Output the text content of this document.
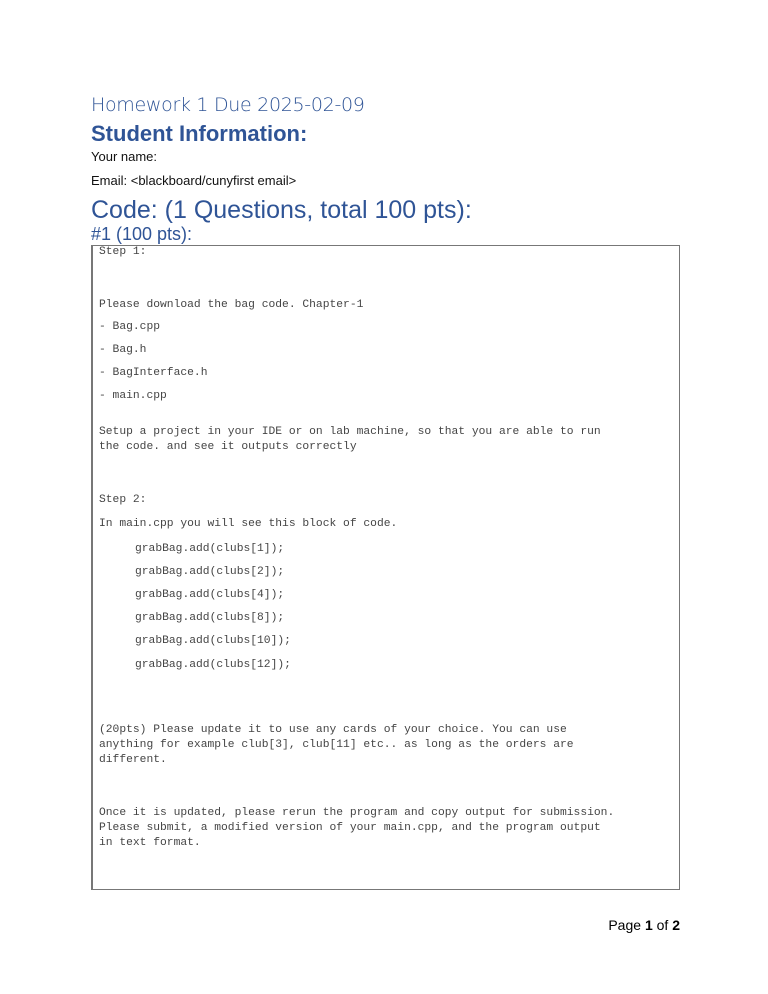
Homework 1 Due 2025-02-09
Student Information:
Your name:
Email: <blackboard/cunyfirst email>
Code: (1 Questions, total 100 pts):
#1 (100 pts):
Step 1:
Please download the bag code. Chapter-1
- Bag.cpp
- Bag.h
- BagInterface.h
- main.cpp
Setup a project in your IDE or on lab machine, so that you are able to run
the code. and see it outputs correctly
Step 2:
In main.cpp you will see this block of code.
grabBag.add(clubs[1]);
grabBag.add(clubs[2]);
grabBag.add(clubs[4]);
grabBag.add(clubs[8]);
grabBag.add(clubs[10]);
grabBag.add(clubs[12]);
(20pts) Please update it to use any cards of your choice. You can use
anything for example club[3], club[11] etc.. as long as the orders are
different.
Once it is updated, please rerun the program and copy output for submission.
Please submit, a modified version of your main.cpp, and the program output
in text format.
Page 1 of 2
